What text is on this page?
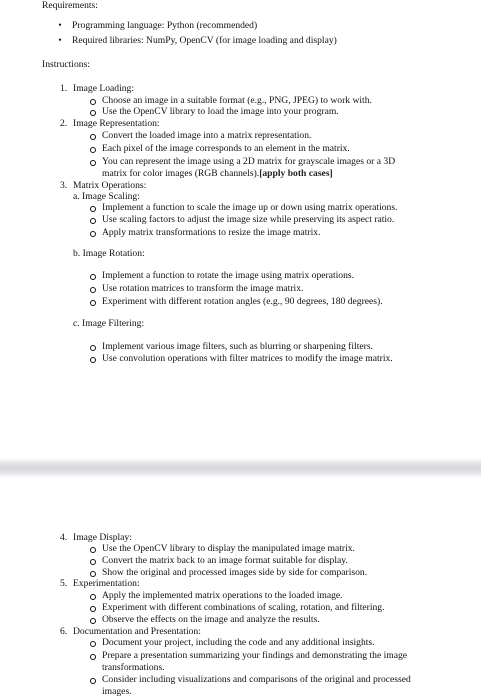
Requirements:
• Programming language: Python (recommended)
• Required libraries: NumPy, OpenCV (for image loading and display)
Instructions:
1. Image Loading:
Choose an image in a suitable format (e.g., PNG, JPEG) to work with.
Use the OpenCV library to load the image into your program.
2. Image Representation:
Convert the loaded image into a matrix representation.
Each pixel of the image corresponds to an element in the matrix.
You can represent the image using a 2D matrix for grayscale images or a 3D
matrix for color images (RGB channels).[apply both cases]
3. Matrix Operations:
a. Image Scaling:
Implement a function to scale the image up or down using matrix operations.
Use scaling factors to adjust the image size while preserving its aspect ratio.
Apply matrix transformations to resize the image matrix.
b. Image Rotation:
Implement a function to rotate the image using matrix operations.
Use rotation matrices to transform the image matrix.
Experiment with different rotation angles (e.g., 90 degrees, 180 degrees).
c. Image Filtering:
Implement various image filters, such as blurring or sharpening filters.
Use convolution operations with filter matrices to modify the image matrix.
4. Image Display:
Use the OpenCV library to display the manipulated image matrix.
Convert the matrix back to an image format suitable for display.
Show the original and processed images side by side for comparison.
5. Experimentation:
Apply the implemented matrix operations to the loaded image.
Experiment with different combinations of scaling, rotation, and filtering.
Observe the effects on the image and analyze the results.
6. Documentation and Presentation:
Document your project, including the code and any additional insights.
Prepare a presentation summarizing your findings and demonstrating the image
transformations.
Consider including visualizations and comparisons of the original and processed
images.
